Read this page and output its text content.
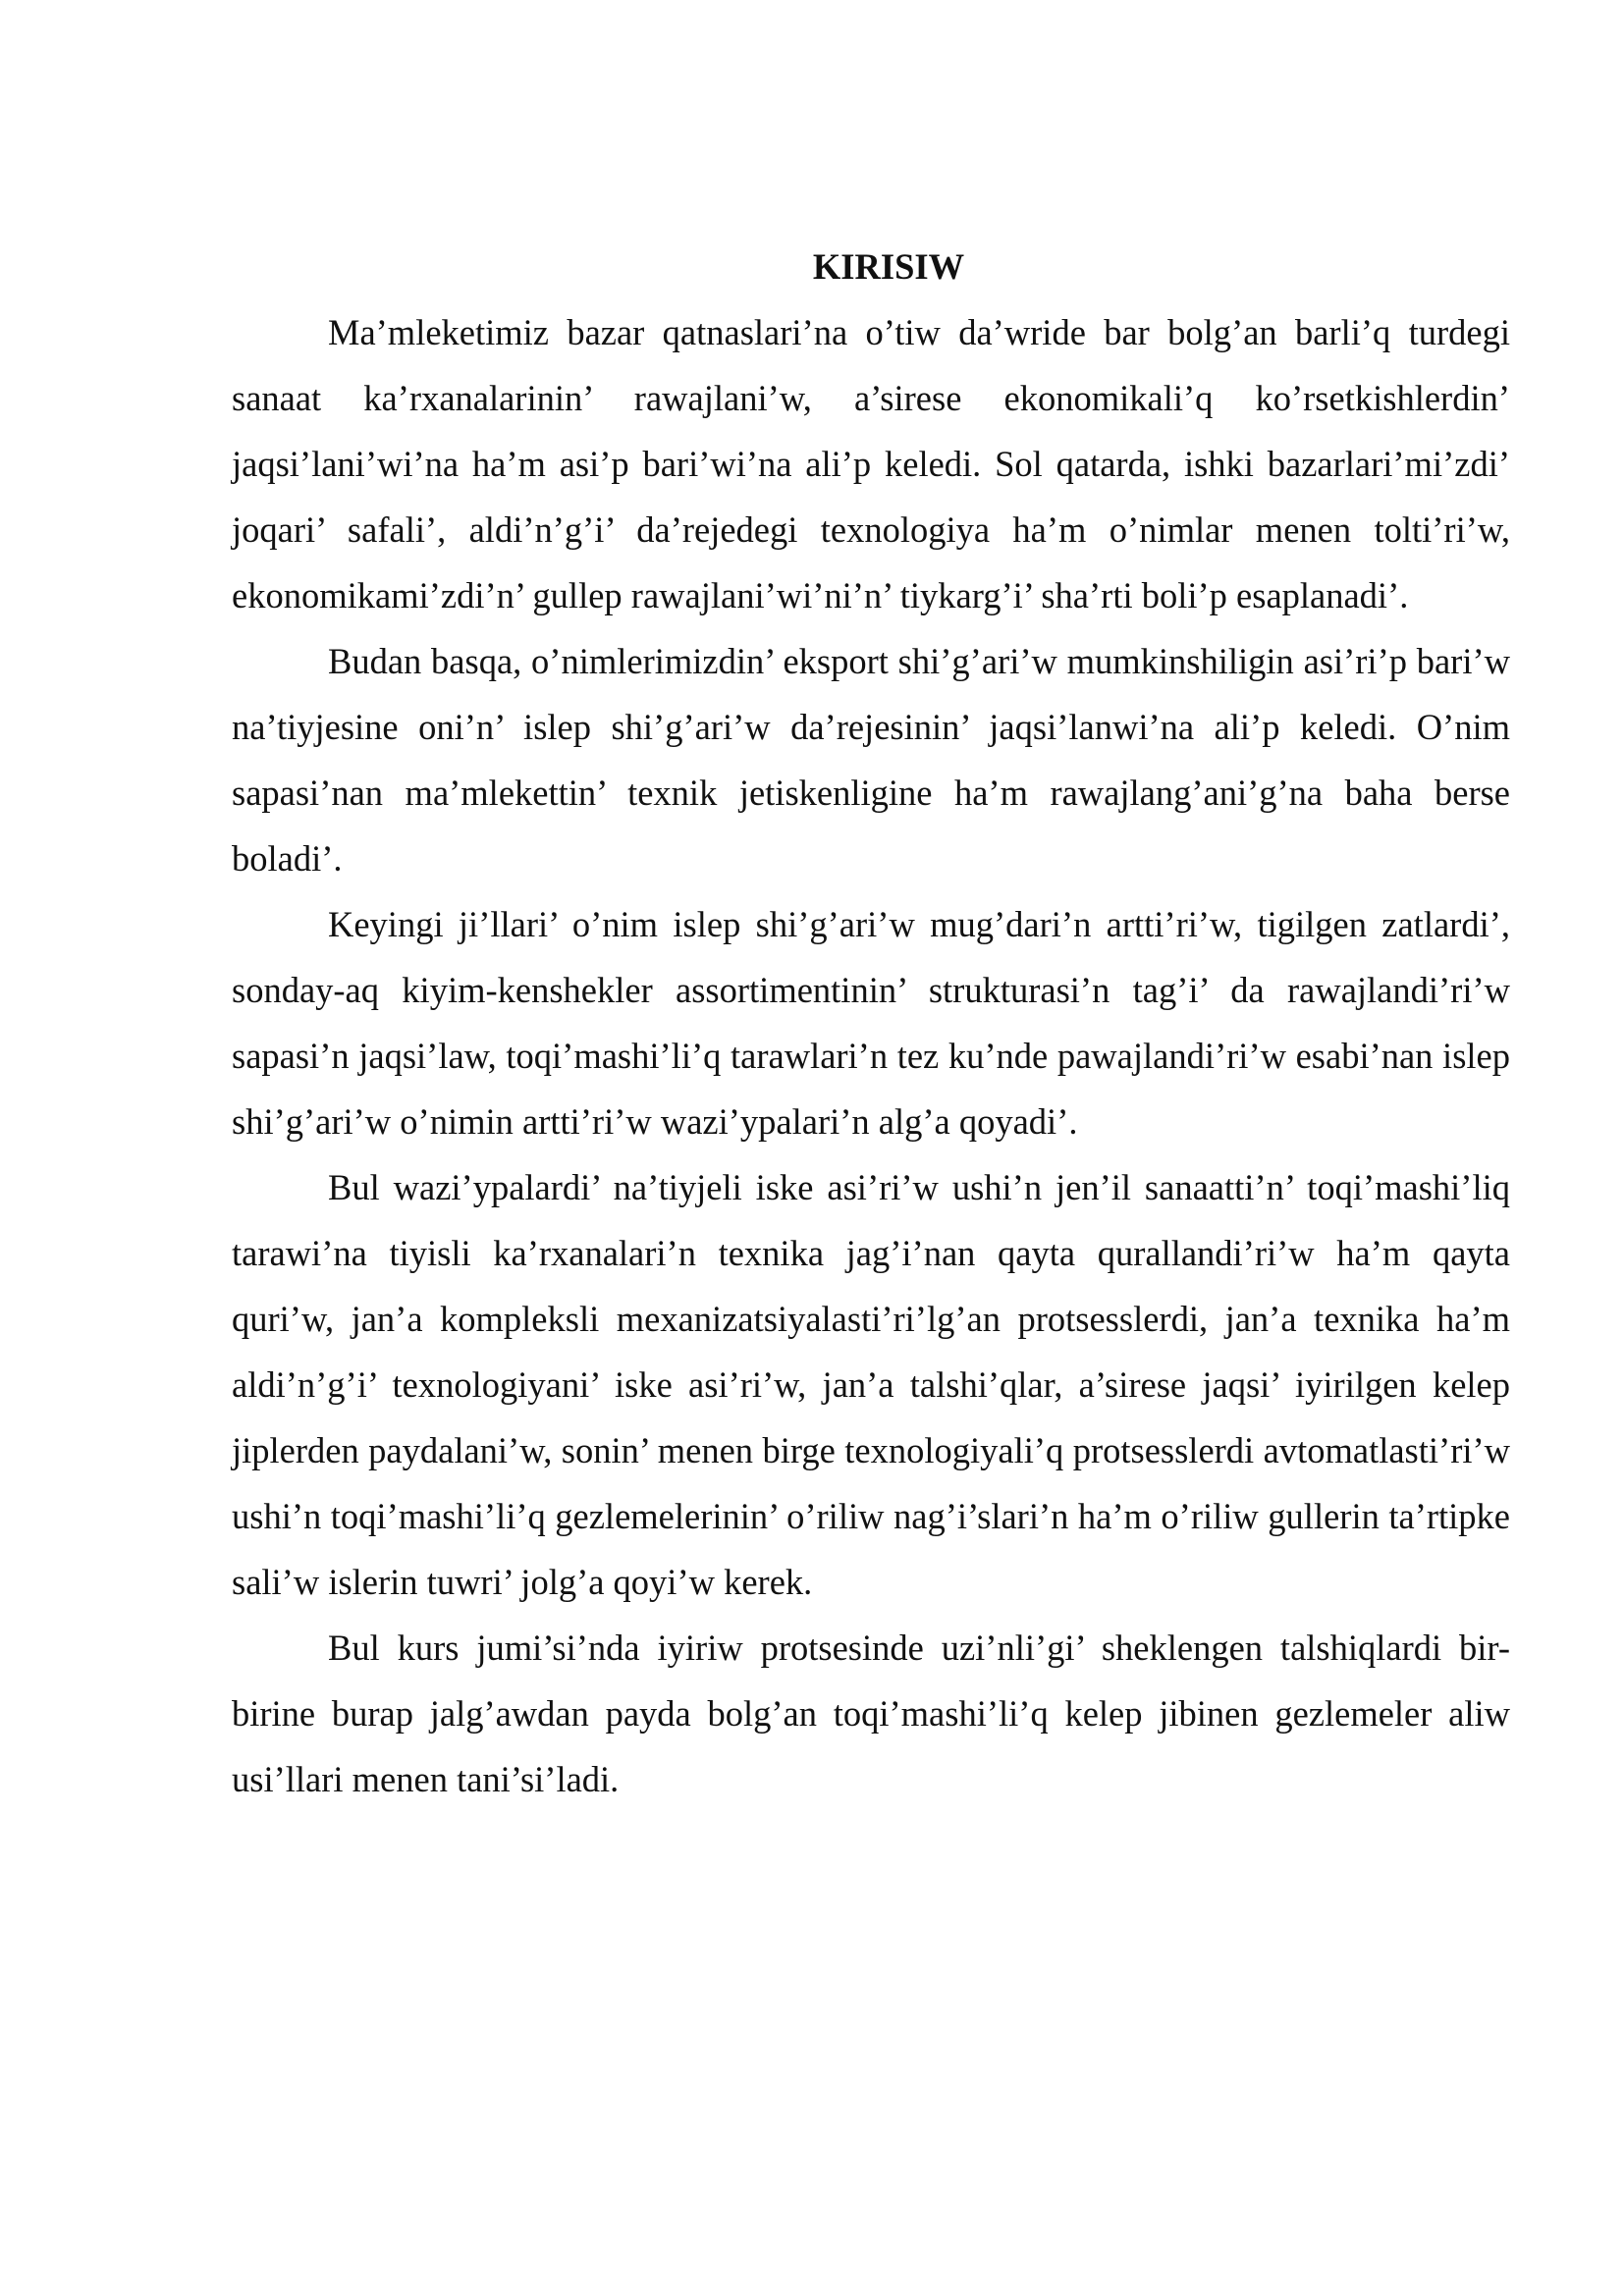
KIRISIW

Ma’mleketimiz bazar qatnaslari’na o’tiw da’wride bar bolg’an barli’q turdegi sanaat ka’rxanalarinin’ rawajlani’w, a’sirese ekonomikali’q ko’rsetkishlerdin’ jaqsi’lani’wi’na ha’m asi’p bari’wi’na ali’p keledi. Sol qatarda, ishki bazarlari’mi’zdi’ joqari’ safali’, aldi’n’g’i’ da’rejedegi texnologiya ha’m o’nimlar menen tolti’ri’w, ekonomikami’zdi’n’ gullep rawajlani’wi’ni’n’ tiykarg’i’ sha’rti boli’p esaplanadi’.

Budan basqa, o’nimlerimizdin’ eksport shi’g’ari’w mumkinshiligin asi’ri’p bari’w na’tiyjesine oni’n’ islep shi’g’ari’w da’rejesinin’ jaqsi’lanwi’na ali’p keledi. O’nim sapasi’nan ma’mlekettin’ texnik jetiskenligine ha’m rawajlang’ani’g’na baha berse boladi’.

Keyingi ji’llari’ o’nim islep shi’g’ari’w mug’dari’n artti’ri’w, tigilgen zatlardi’, sonday-aq kiyim-kenshekler assortimentinin’ strukturasi’n tag’i’ da rawajlandi’ri’w sapasi’n jaqsi’law, toqi’mashi’li’q tarawlari’n tez ku’nde pawajlandi’ri’w esabi’nan islep shi’g’ari’w o’nimin artti’ri’w wazi’ypalari’n alg’a qoyadi’.

Bul wazi’ypalardi’ na’tiyjeli iske asi’ri’w ushi’n jen’il sanaatti’n’ toqi’mashi’liq tarawi’na tiyisli ka’rxanalari’n texnika jag’i’nan qayta qurallandi’ri’w ha’m qayta quri’w, jan’a kompleksli mexanizatsiyalasti’ri’lg’an protsesslerdi, jan’a texnika ha’m aldi’n’g’i’ texnologiyani’ iske asi’ri’w, jan’a talshi’qlar, a’sirese jaqsi’ iyirilgen kelep jiplerden paydalani’w, sonin’ menen birge texnologiyali’q protsesslerdi avtomatlasti’ri’w ushi’n toqi’mashi’li’q gezlemelerinin’ o’riliw nag’i’slari’n ha’m o’riliw gullerin ta’rtipke sali’w islerin tuwri’ jolg’a qoyi’w kerek.

Bul kurs jumi’si’nda iyiriw protsesinde uzi’nli’gi’ sheklengen talshiqlardi bir-birine burap jalg’awdan payda bolg’an toqi’mashi’li’q kelep jibinen gezlemeler aliw usi’llari menen tani’si’ladi.
